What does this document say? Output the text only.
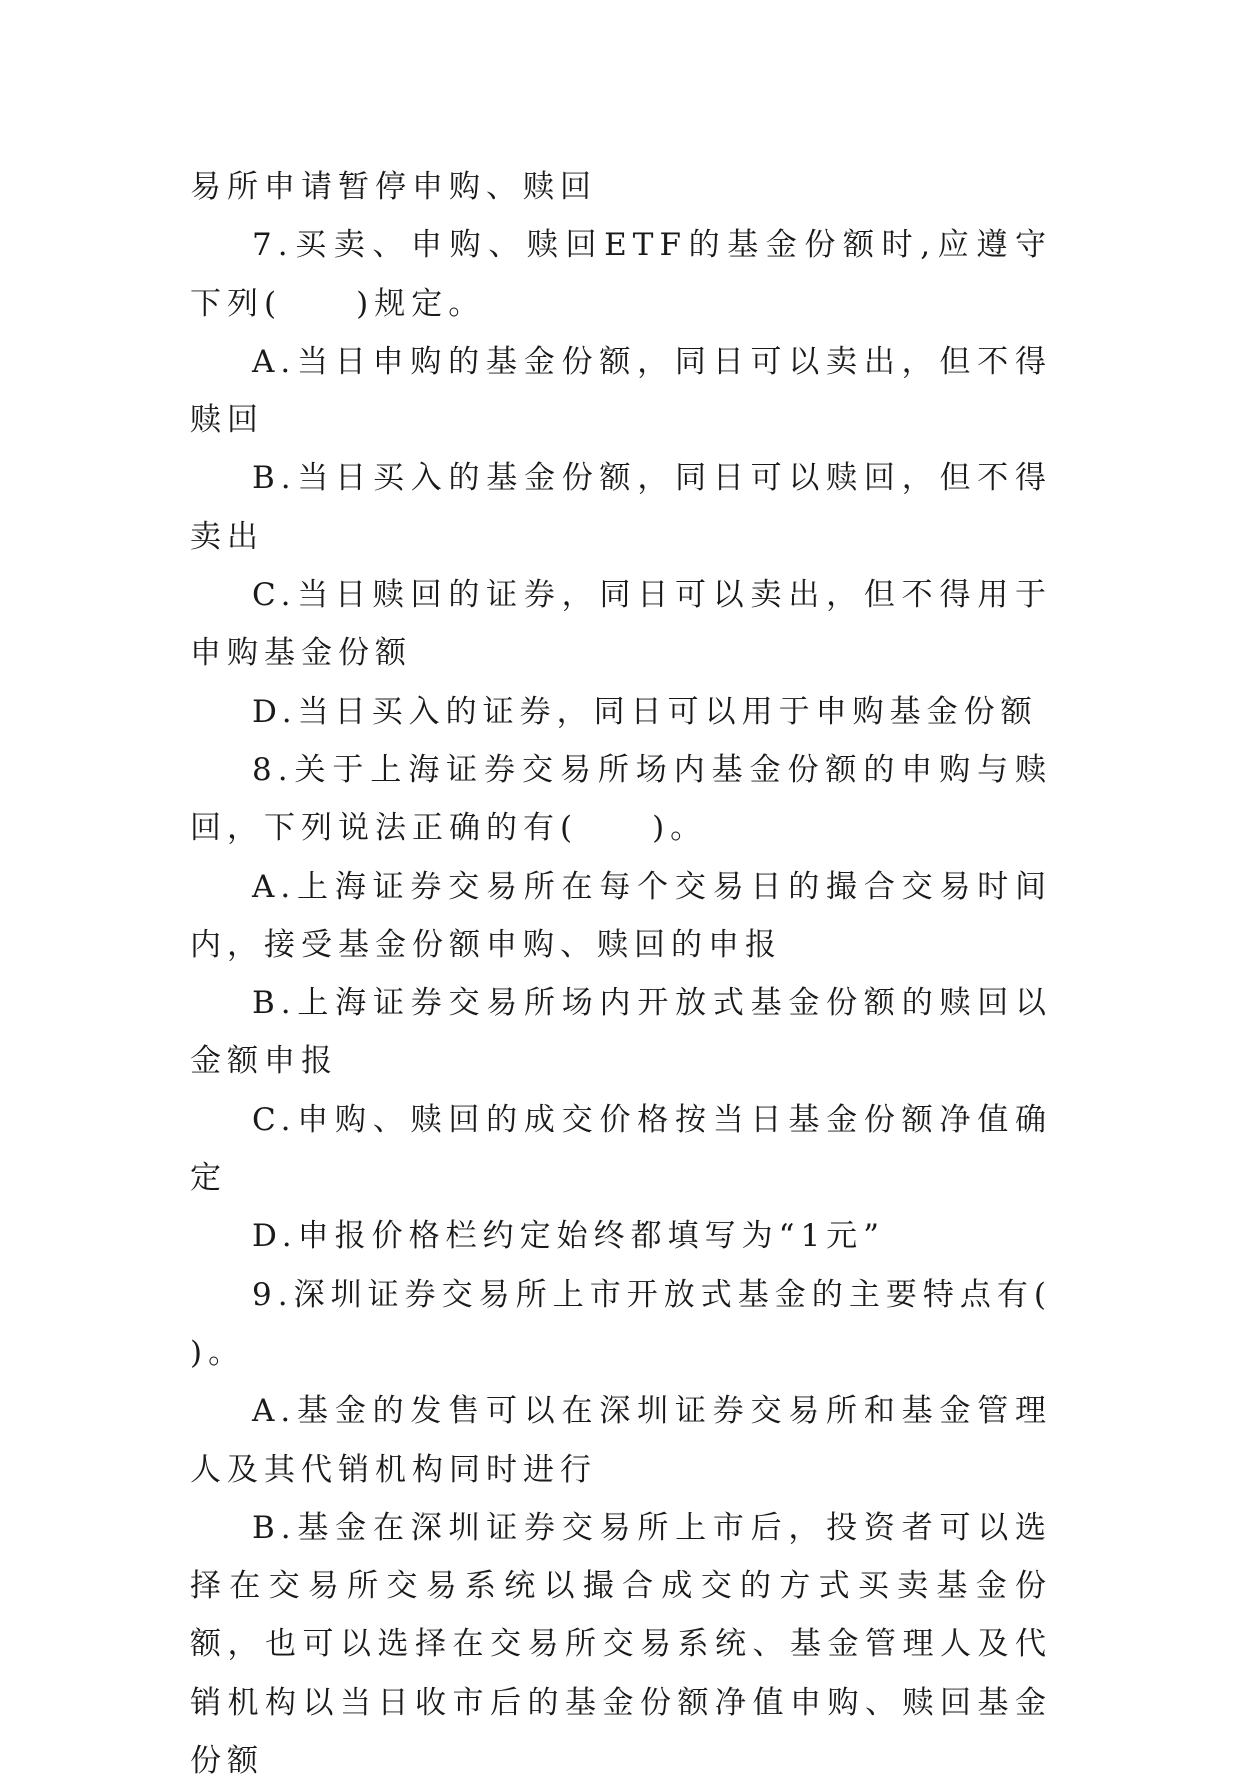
易所申请暂停申购、赎回

7.买卖、申购、赎回ETF的基金份额时,应遵守下列(　　)规定。

A.当日申购的基金份额，同日可以卖出，但不得赎回

B.当日买入的基金份额，同日可以赎回，但不得卖出

C.当日赎回的证券，同日可以卖出，但不得用于申购基金份额

D.当日买入的证券，同日可以用于申购基金份额

8.关于上海证券交易所场内基金份额的申购与赎回，下列说法正确的有(　　)。

A.上海证券交易所在每个交易日的撮合交易时间内，接受基金份额申购、赎回的申报

B.上海证券交易所场内开放式基金份额的赎回以金额申报

C.申购、赎回的成交价格按当日基金份额净值确定

D.申报价格栏约定始终都填写为“1元”

9.深圳证券交易所上市开放式基金的主要特点有(　　)。

A.基金的发售可以在深圳证券交易所和基金管理人及其代销机构同时进行

B.基金在深圳证券交易所上市后，投资者可以选择在交易所交易系统以撮合成交的方式买卖基金份额，也可以选择在交易所交易系统、基金管理人及代销机构以当日收市后的基金份额净值申购、赎回基金份额
